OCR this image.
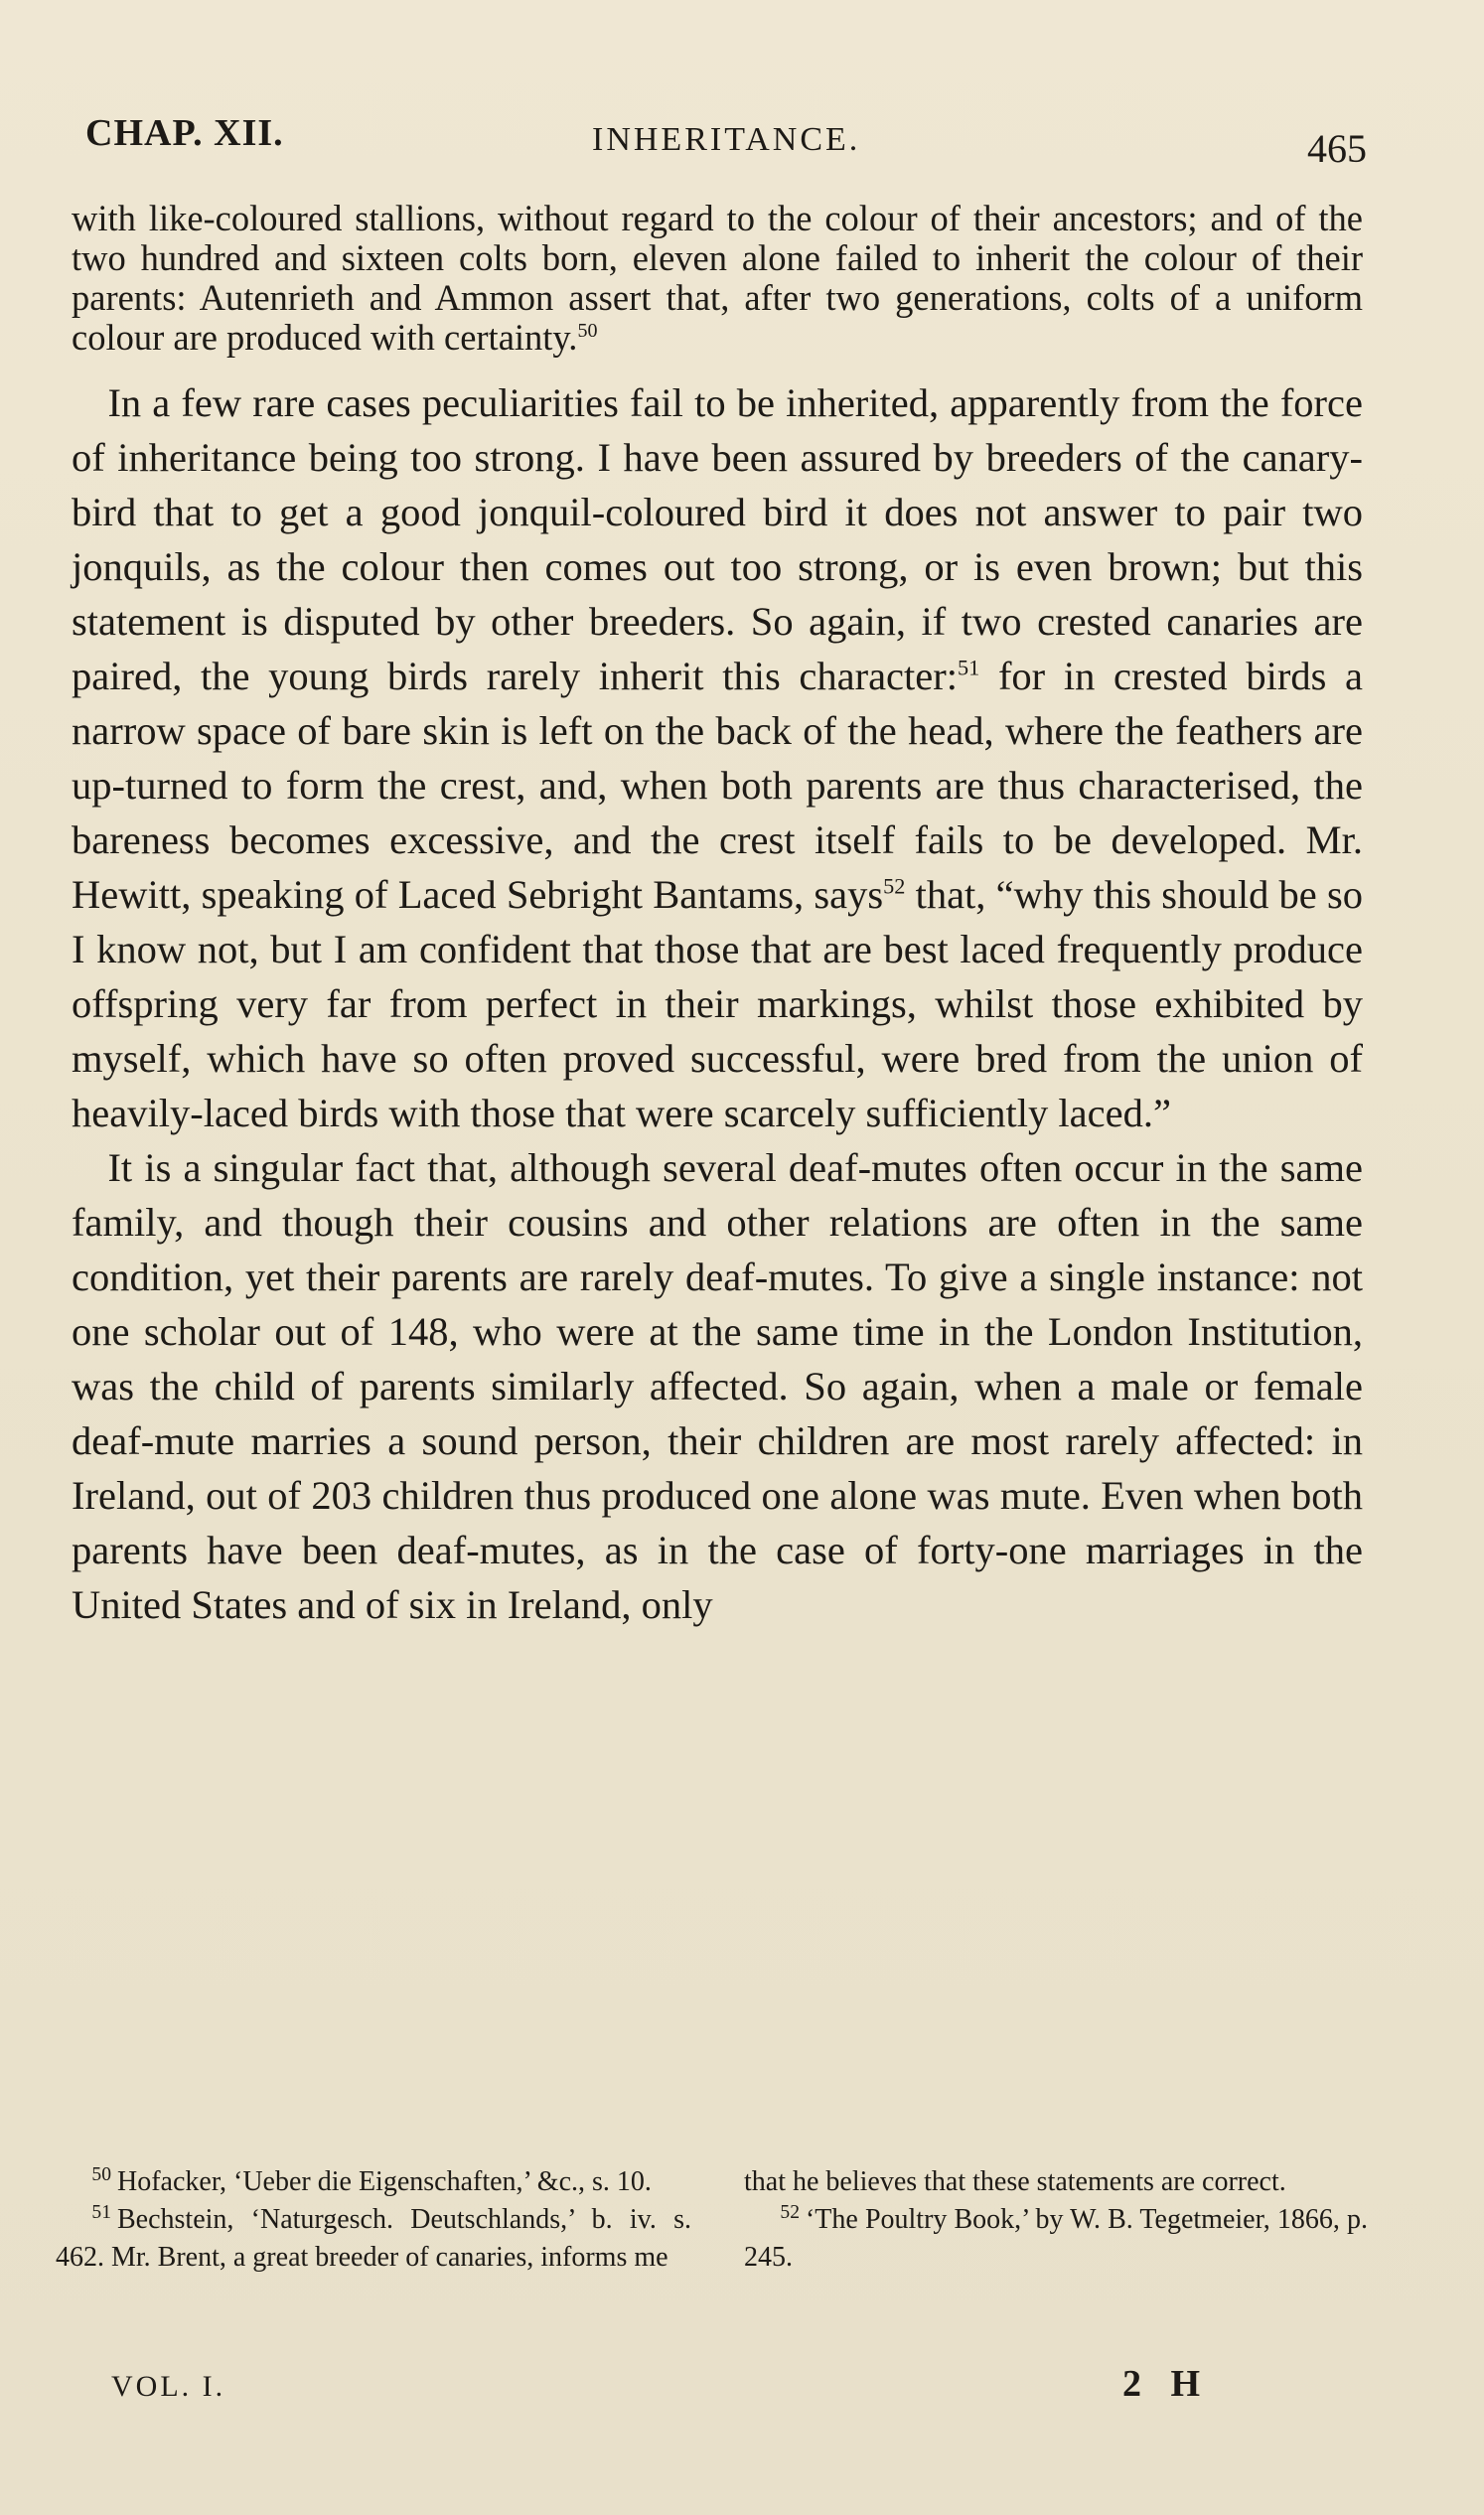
CHAP. XII.	INHERITANCE.	465

with like-coloured stallions, without regard to the colour of their ancestors; and of the two hundred and sixteen colts born, eleven alone failed to inherit the colour of their parents: Autenrieth and Ammon assert that, after two generations, colts of a uniform colour are produced with certainty.$^{50}$

In a few rare cases peculiarities fail to be inherited, apparently from the force of inheritance being too strong. I have been assured by breeders of the canary-bird that to get a good jonquil-coloured bird it does not answer to pair two jonquils, as the colour then comes out too strong, or is even brown; but this statement is disputed by other breeders. So again, if two crested canaries are paired, the young birds rarely inherit this character:$^{51}$ for in crested birds a narrow space of bare skin is left on the back of the head, where the feathers are up-turned to form the crest, and, when both parents are thus characterised, the bareness becomes excessive, and the crest itself fails to be developed. Mr. Hewitt, speaking of Laced Sebright Bantams, says$^{52}$ that, “why this should be so I know not, but I am confident that those that are best laced frequently produce offspring very far from perfect in their markings, whilst those exhibited by myself, which have so often proved successful, were bred from the union of heavily-laced birds with those that were scarcely sufficiently laced.”

It is a singular fact that, although several deaf-mutes often occur in the same family, and though their cousins and other relations are often in the same condition, yet their parents are rarely deaf-mutes. To give a single instance: not one scholar out of 148, who were at the same time in the London Institution, was the child of parents similarly affected. So again, when a male or female deaf-mute marries a sound person, their children are most rarely affected: in Ireland, out of 203 children thus produced one alone was mute. Even when both parents have been deaf-mutes, as in the case of forty-one marriages in the United States and of six in Ireland, only

$^{50}$ Hofacker, ‘Ueber die Eigenschaften,’ &c., s. 10.

$^{51}$ Bechstein, ‘Naturgesch. Deutschlands,’ b. iv. s. 462. Mr. Brent, a great breeder of canaries, informs me

that he believes that these statements are correct.

$^{52}$ ‘The Poultry Book,’ by W. B. Tegetmeier, 1866, p. 245.

VOL. I.	2 H
